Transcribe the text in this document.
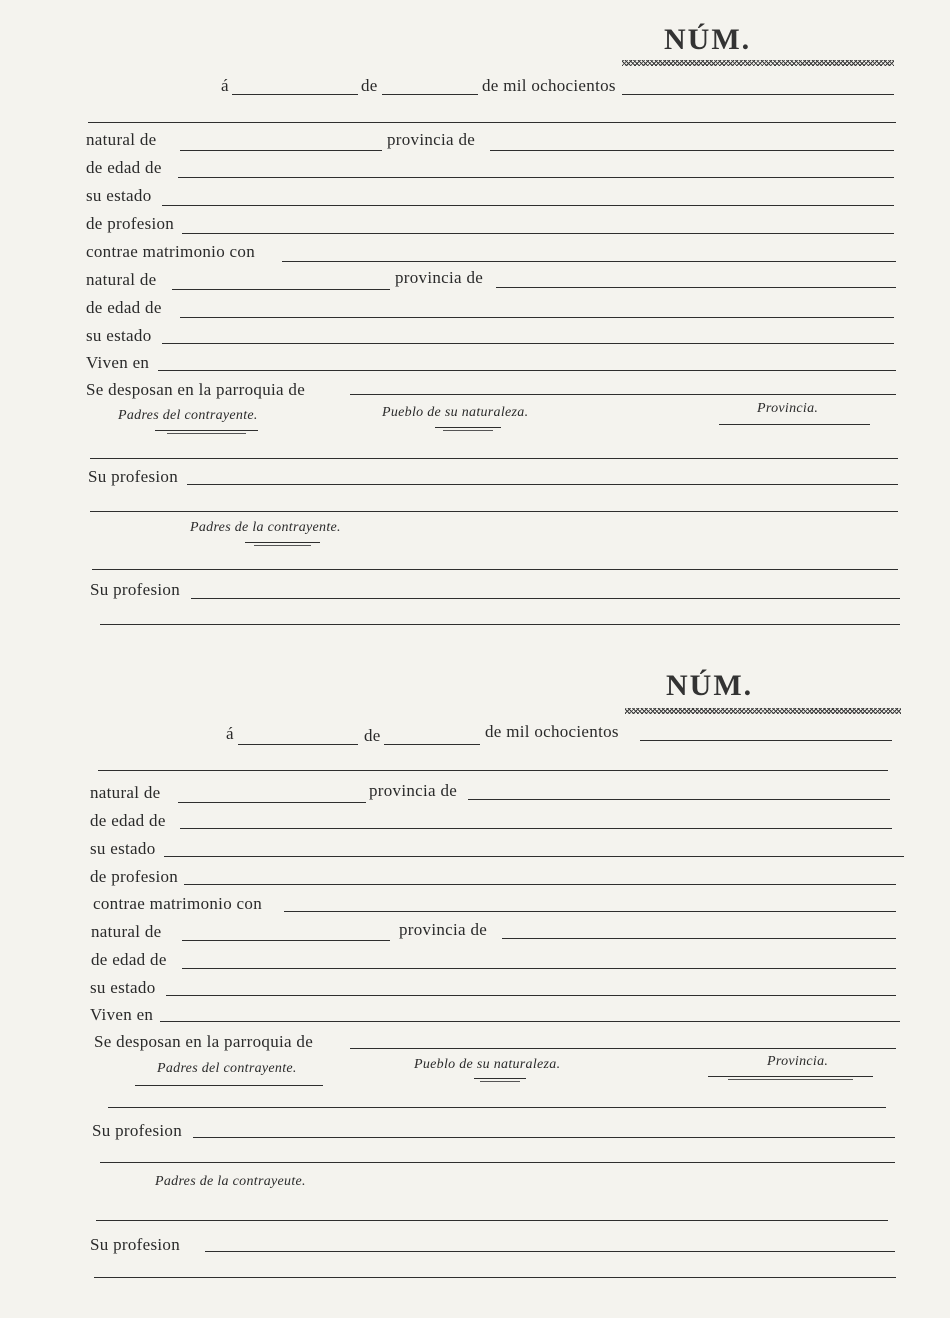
NÚM.
á	de	de mil ochocientos
natural de	provincia de
de edad de
su estado
de profesion
contrae matrimonio con
natural de	provincia de
de edad de
su estado
Viven en
Se desposan en la parroquia de
Padres del contrayente.	Pueblo de su naturaleza.	Provincia.
Su profesion
Padres de la contrayente.
Su profesion
NÚM.
á	de	de mil ochocientos
natural de	provincia de
de edad de
su estado
de profesion
contrae matrimonio con
natural de	provincia de
de edad de
su estado
Viven en
Se desposan en la parroquia de
Padres del contrayente.	Pueblo de su naturaleza.	Provincia.
Su profesion
Padres de la contrayeute.
Su profesion
